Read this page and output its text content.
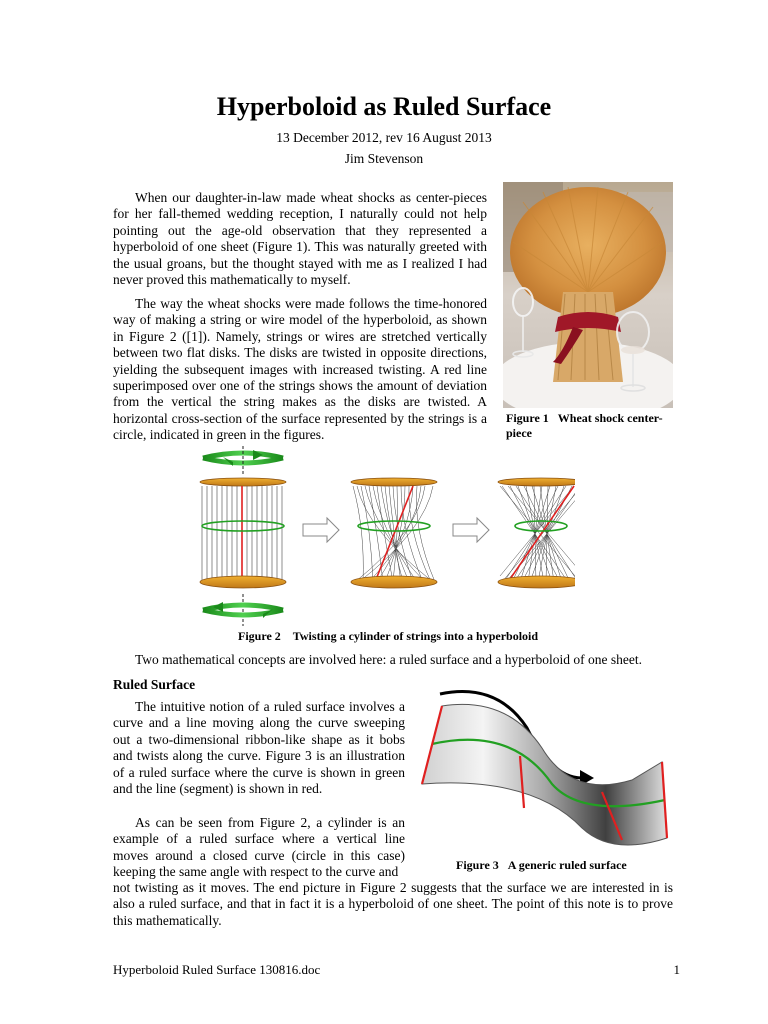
Hyperboloid as Ruled Surface
13 December 2012, rev 16 August 2013
Jim Stevenson

When our daughter-in-law made wheat shocks as center-pieces for her fall-themed wedding reception, I naturally could not help pointing out the age-old observation that they represented a hyperboloid of one sheet (Figure 1). This was naturally greeted with the usual groans, but the thought stayed with me as I realized I had never proved this mathematically to myself.

The way the wheat shocks were made follows the time-honored way of making a string or wire model of the hyperboloid, as shown in Figure 2 ([1]). Namely, strings or wires are stretched vertically between two flat disks. The disks are twisted in opposite directions, yielding the subsequent images with increased twisting. A red line superimposed over one of the strings shows the amount of deviation from the vertical the string makes as the disks are twisted. A horizontal cross-section of the surface represented by the strings is a circle, indicated in green in the figures.

Figure 1 Wheat shock center-piece
Figure 2 Twisting a cylinder of strings into a hyperboloid

Two mathematical concepts are involved here: a ruled surface and a hyperboloid of one sheet.

Ruled Surface

The intuitive notion of a ruled surface involves a curve and a line moving along the curve sweeping out a two-dimensional ribbon-like shape as it bobs and twists along the curve. Figure 3 is an illustration of a ruled surface where the curve is shown in green and the line (segment) is shown in red.

As can be seen from Figure 2, a cylinder is an example of a ruled surface where a vertical line moves around a closed curve (circle in this case) keeping the same angle with respect to the curve and

not twisting as it moves. The end picture in Figure 2 suggests that the surface we are interested in is also a ruled surface, and that in fact it is a hyperboloid of one sheet. The point of this note is to prove this mathematically.

Figure 3 A generic ruled surface
Hyperboloid Ruled Surface 130816.doc	1
